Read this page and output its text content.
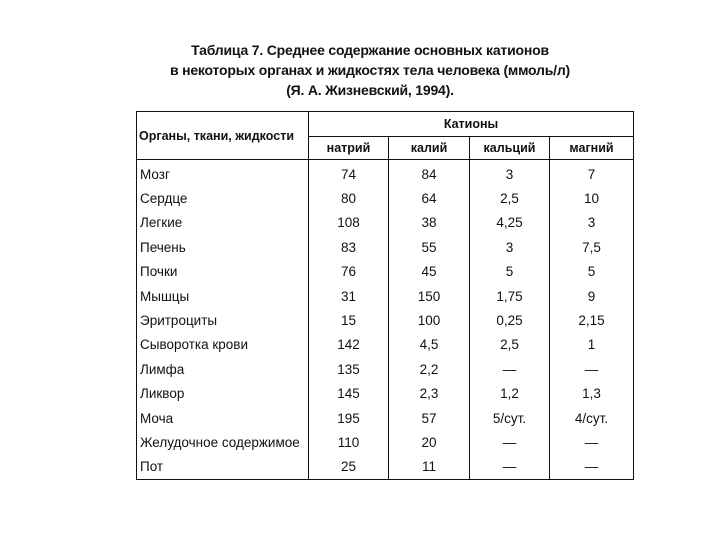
Таблица 7. Среднее содержание основных катионов
в некоторых органах и жидкостях тела человека (ммоль/л)
(Я. А. Жизневский, 1994).
Органы, ткани, жидкости	Катионы			
	натрий	калий	кальций	магний
Мозг	74	84	3	7
Сердце	80	64	2,5	10
Легкие	108	38	4,25	3
Печень	83	55	3	7,5
Почки	76	45	5	5
Мышцы	31	150	1,75	9
Эритроциты	15	100	0,25	2,15
Сыворотка крови	142	4,5	2,5	1
Лимфа	135	2,2	—	—
Ликвор	145	2,3	1,2	1,3
Моча	195	57	5/сут.	4/сут.
Желудочное содержимое	110	20	—	—
Пот	25	11	—	—
